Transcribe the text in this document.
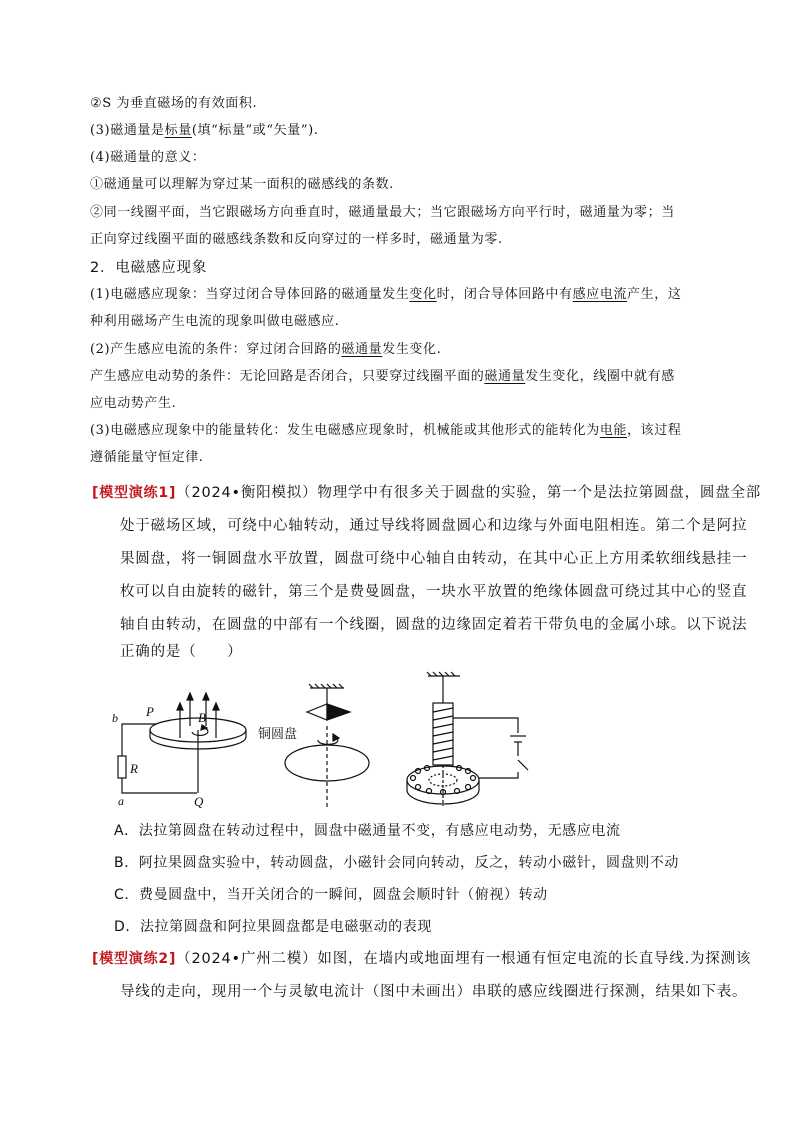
②S 为垂直磁场的有效面积.
(3)磁通量是标量(填“标量”或“矢量”).
(4)磁通量的意义：
①磁通量可以理解为穿过某一面积的磁感线的条数.
②同一线圈平面，当它跟磁场方向垂直时，磁通量最大；当它跟磁场方向平行时，磁通量为零；当
正向穿过线圈平面的磁感线条数和反向穿过的一样多时，磁通量为零.
2．电磁感应现象
(1)电磁感应现象：当穿过闭合导体回路的磁通量发生变化时，闭合导体回路中有感应电流产生，这
种利用磁场产生电流的现象叫做电磁感应.
(2)产生感应电流的条件：穿过闭合回路的磁通量发生变化.
产生感应电动势的条件：无论回路是否闭合，只要穿过线圈平面的磁通量发生变化，线圈中就有感
应电动势产生.
(3)电磁感应现象中的能量转化：发生电磁感应现象时，机械能或其他形式的能转化为电能，该过程
遵循能量守恒定律.
[模型演练1]（2024•衡阳模拟）物理学中有很多关于圆盘的实验，第一个是法拉第圆盘，圆盘全部
处于磁场区域，可绕中心轴转动，通过导线将圆盘圆心和边缘与外面电阻相连。第二个是阿拉
果圆盘，将一铜圆盘水平放置，圆盘可绕中心轴自由转动，在其中心正上方用柔软细线悬挂一
枚可以自由旋转的磁针，第三个是费曼圆盘，一块水平放置的绝缘体圆盘可绕过其中心的竖直
轴自由转动，在圆盘的中部有一个线圈，圆盘的边缘固定着若干带负电的金属小球。以下说法
正确的是（　　）
B
P
b
R
a	Q
铜圆盘
A．法拉第圆盘在转动过程中，圆盘中磁通量不变，有感应电动势，无感应电流
B．阿拉果圆盘实验中，转动圆盘，小磁针会同向转动，反之，转动小磁针，圆盘则不动
C．费曼圆盘中，当开关闭合的一瞬间，圆盘会顺时针（俯视）转动
D．法拉第圆盘和阿拉果圆盘都是电磁驱动的表现
[模型演练2]（2024•广州二模）如图，在墙内或地面埋有一根通有恒定电流的长直导线.为探测该
导线的走向，现用一个与灵敏电流计（图中未画出）串联的感应线圈进行探测，结果如下表。
